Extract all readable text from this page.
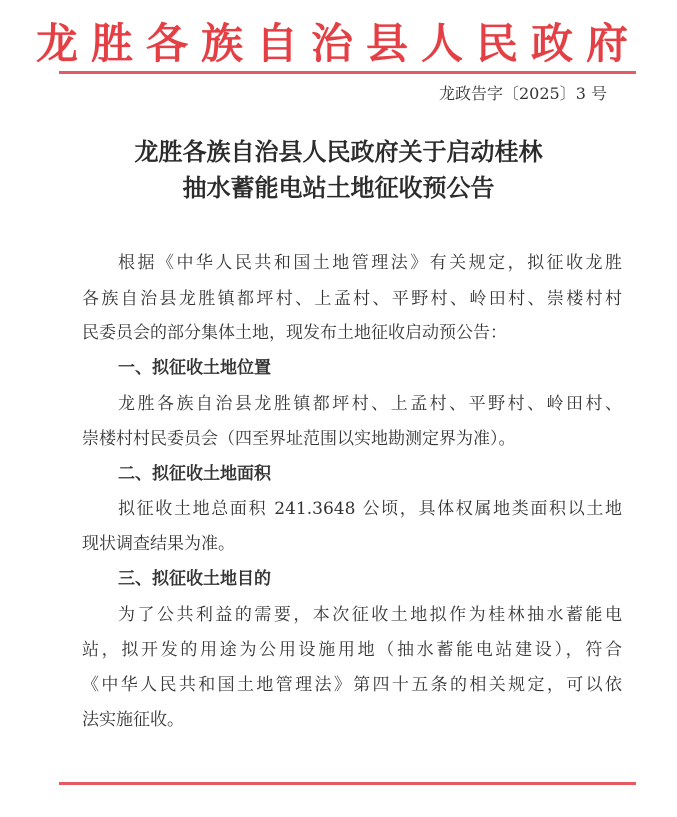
龙胜各族自治县人民政府
龙政告字〔2025〕3 号
龙胜各族自治县人民政府关于启动桂林
抽水蓄能电站土地征收预公告
根据《中华人民共和国土地管理法》有关规定，拟征收龙胜
各族自治县龙胜镇都坪村、上孟村、平野村、岭田村、崇楼村村
民委员会的部分集体土地，现发布土地征收启动预公告：
一、拟征收土地位置
龙胜各族自治县龙胜镇都坪村、上孟村、平野村、岭田村、
崇楼村村民委员会（四至界址范围以实地勘测定界为准）。
二、拟征收土地面积
拟征收土地总面积 241.3648 公顷，具体权属地类面积以土地
现状调查结果为准。
三、拟征收土地目的
为了公共利益的需要，本次征收土地拟作为桂林抽水蓄能电
站，拟开发的用途为公用设施用地（抽水蓄能电站建设），符合
《中华人民共和国土地管理法》第四十五条的相关规定，可以依
法实施征收。
